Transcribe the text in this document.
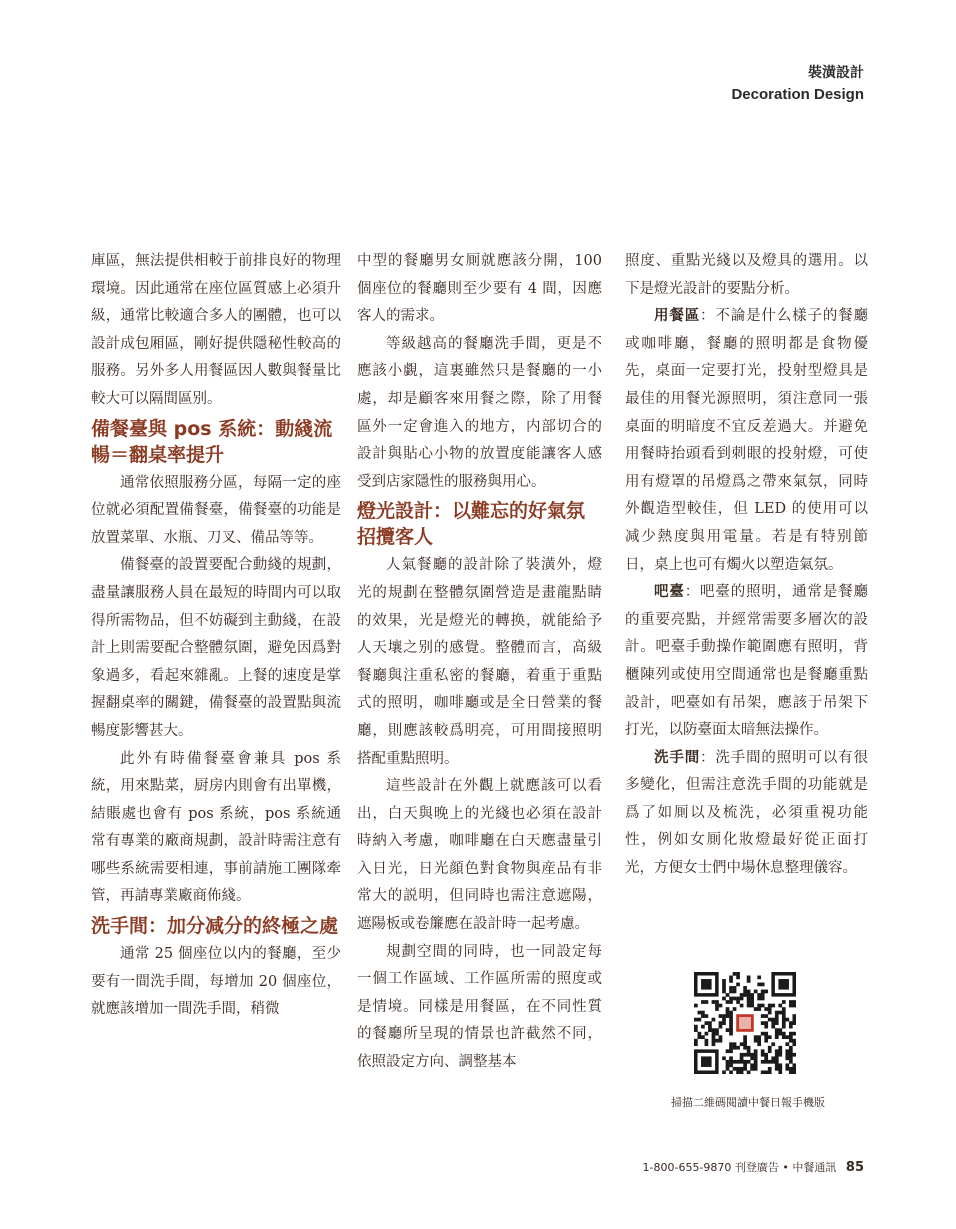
裝潢設計
Decoration Design

庫區，無法提供相較于前排良好的物理環境。因此通常在座位區質感上必須升級，通常比較適合多人的團體，也可以設計成包厢區，剛好提供隱秘性較高的服務。另外多人用餐區因人數與餐量比較大可以隔間區别。

備餐臺與 pos 系統：動綫流暢＝翻桌率提升

通常依照服務分區，每隔一定的座位就必須配置備餐臺，備餐臺的功能是放置菜單、水瓶、刀叉、備品等等。

備餐臺的設置要配合動綫的規劃，盡量讓服務人員在最短的時間内可以取得所需物品，但不妨礙到主動綫，在設計上則需要配合整體氛圍，避免因爲對象過多，看起來雜亂。上餐的速度是掌握翻桌率的關鍵，備餐臺的設置點與流暢度影響甚大。

此外有時備餐臺會兼具 pos 系統，用來點菜，厨房内則會有出單機，結賬處也會有 pos 系統，pos 系統通常有專業的廠商規劃，設計時需注意有哪些系統需要相連，事前請施工團隊牽管，再請專業廠商佈綫。

洗手間：加分减分的終極之處

通常 25 個座位以内的餐廳，至少要有一間洗手間，每增加 20 個座位，就應該增加一間洗手間，稍微

中型的餐廳男女厠就應該分開，100 個座位的餐廳則至少要有 4 間，因應客人的需求。

等級越高的餐廳洗手間，更是不應該小覷，這裏雖然只是餐廳的一小處，却是顧客來用餐之際，除了用餐區外一定會進入的地方，内部切合的設計與貼心小物的放置度能讓客人感受到店家隱性的服務與用心。

燈光設計：以難忘的好氣氛招攬客人

人氣餐廳的設計除了裝潢外，燈光的規劃在整體氛圍營造是畫龍點睛的效果，光是燈光的轉换，就能給予人天壤之别的感覺。整體而言，高級餐廳與注重私密的餐廳，着重于重點式的照明，咖啡廳或是全日營業的餐廳，則應該較爲明亮，可用間接照明搭配重點照明。

這些設計在外觀上就應該可以看出，白天與晚上的光綫也必須在設計時納入考慮，咖啡廳在白天應盡量引入日光，日光顔色對食物與産品有非常大的説明，但同時也需注意遮陽，遮陽板或卷簾應在設計時一起考慮。

規劃空間的同時，也一同設定每一個工作區域、工作區所需的照度或是情境。同樣是用餐區，在不同性質的餐廳所呈現的情景也許截然不同，依照設定方向、調整基本

照度、重點光綫以及燈具的選用。以下是燈光設計的要點分析。

用餐區：不論是什么樣子的餐廳或咖啡廳，餐廳的照明都是食物優先，桌面一定要打光，投射型燈具是最佳的用餐光源照明，須注意同一張桌面的明暗度不宜反差過大。并避免用餐時抬頭看到刺眼的投射燈，可使用有燈罩的吊燈爲之帶來氣氛，同時外觀造型較佳，但 LED 的使用可以减少熱度與用電量。若是有特别節日，桌上也可有燭火以塑造氣氛。

吧臺：吧臺的照明，通常是餐廳的重要亮點，并經常需要多層次的設計。吧臺手動操作範圍應有照明，背櫃陳列或使用空間通常也是餐廳重點設計，吧臺如有吊架，應該于吊架下打光，以防臺面太暗無法操作。

洗手間：洗手間的照明可以有很多變化，但需注意洗手間的功能就是爲了如厠以及梳洗，必須重視功能性，例如女厠化妝燈最好從正面打光，方便女士們中場休息整理儀容。

掃描二維碼閱讀中餐日報手機版
1-800-655-9870 刊登廣告 • 中餐通訊 85
